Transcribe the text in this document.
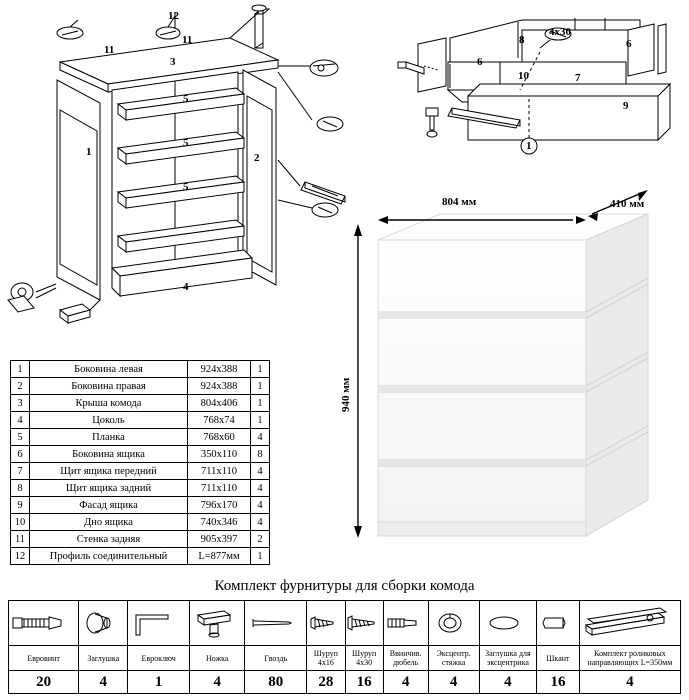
12
11
11
3
5
5
5
1	2
4
4х30
8	6
6
10	7
9
1
1	Боковина левая	924x388	1
2	Боковина правая	924x388	1
3	Крыша комода	804x406	1
4	Цоколь	768x74	1
5	Планка	768x60	4
6	Боковина ящика	350x110	8
7	Щит ящика передний	711x110	4
8	Щит ящика задний	711x110	4
9	Фасад ящика	796x170	4
10	Дно ящика	740x346	4
11	Стенка задняя	905x397	2
12	Профиль соединительный	L=877мм	1
804 мм	410 мм
940 мм
Комплект фурнитуры для сборки комода

Евровинт	Заглушка	Евроключ	Ножка	Гвоздь	Шуруп 4х16	Шуруп 4х30	Ввинчив. дюбель	Эксцентр. стяжка	Заглушка для эксцентрика	Шкант	Комплект роликовых направляющих L=350мм
20	4	1	4	80	28	16	4	4	4	16	4
